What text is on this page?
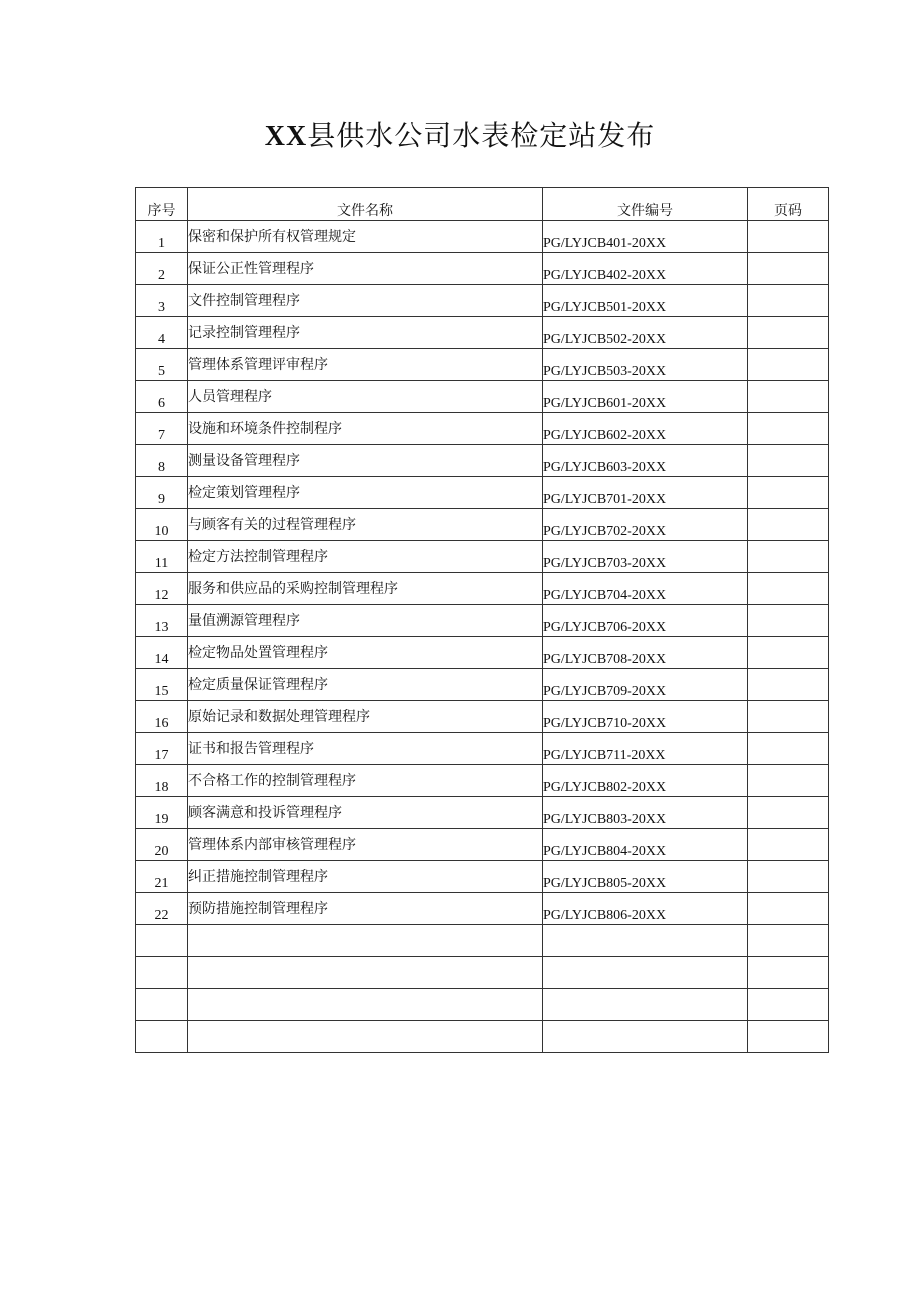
XX县供水公司水表检定站发布
序号	文件名称	文件编号	页码
1	保密和保护所有权管理规定	PG/LYJCB401-20XX	
2	保证公正性管理程序	PG/LYJCB402-20XX	
3	文件控制管理程序	PG/LYJCB501-20XX	
4	记录控制管理程序	PG/LYJCB502-20XX	
5	管理体系管理评审程序	PG/LYJCB503-20XX	
6	人员管理程序	PG/LYJCB601-20XX	
7	设施和环境条件控制程序	PG/LYJCB602-20XX	
8	测量设备管理程序	PG/LYJCB603-20XX	
9	检定策划管理程序	PG/LYJCB701-20XX	
10	与顾客有关的过程管理程序	PG/LYJCB702-20XX	
11	检定方法控制管理程序	PG/LYJCB703-20XX	
12	服务和供应品的采购控制管理程序	PG/LYJCB704-20XX	
13	量值溯源管理程序	PG/LYJCB706-20XX	
14	检定物品处置管理程序	PG/LYJCB708-20XX	
15	检定质量保证管理程序	PG/LYJCB709-20XX	
16	原始记录和数据处理管理程序	PG/LYJCB710-20XX	
17	证书和报告管理程序	PG/LYJCB711-20XX	
18	不合格工作的控制管理程序	PG/LYJCB802-20XX	
19	顾客满意和投诉管理程序	PG/LYJCB803-20XX	
20	管理体系内部审核管理程序	PG/LYJCB804-20XX	
21	纠正措施控制管理程序	PG/LYJCB805-20XX	
22	预防措施控制管理程序	PG/LYJCB806-20XX	
